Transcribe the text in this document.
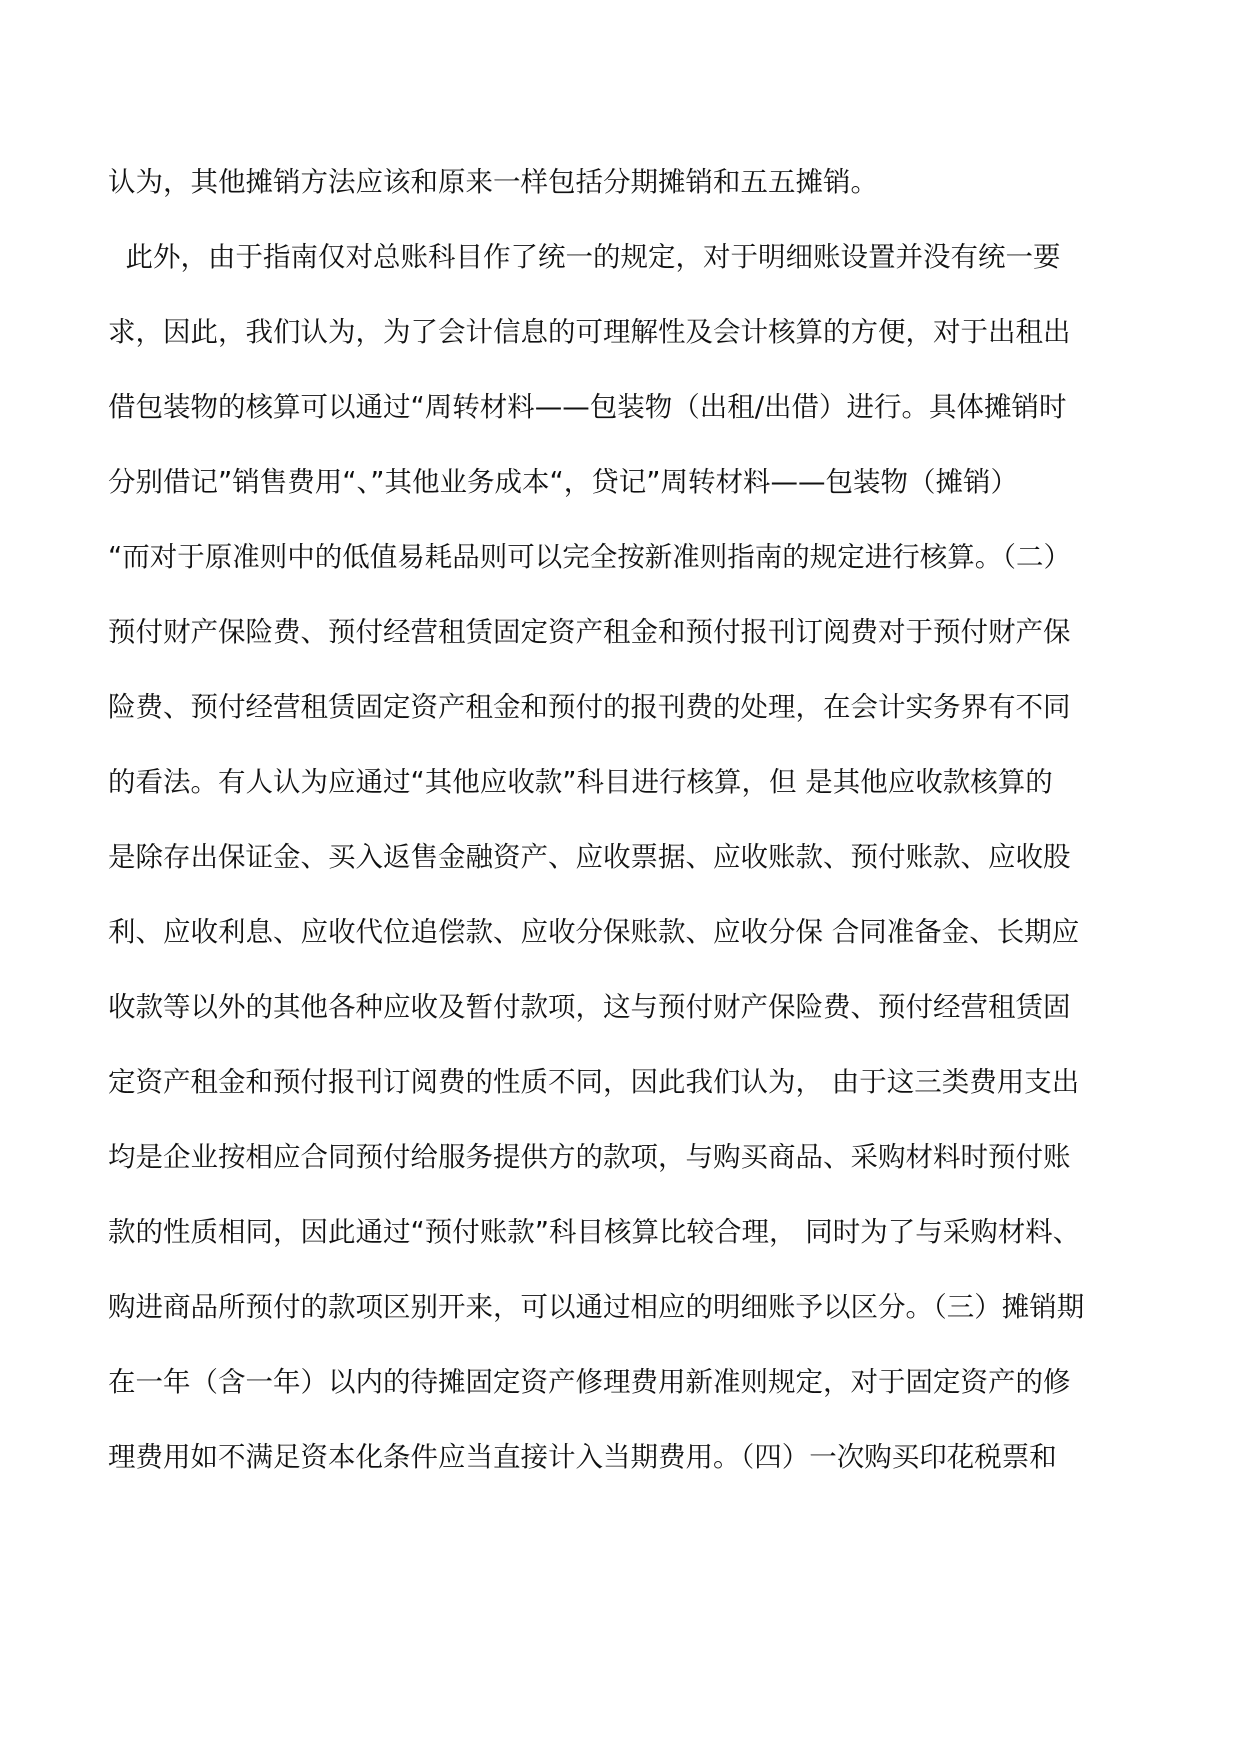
认为，其他摊销方法应该和原来一样包括分期摊销和五五摊销。
此外，由于指南仅对总账科目作了统一的规定，对于明细账设置并没有统一要
求，因此，我们认为，为了会计信息的可理解性及会计核算的方便，对于出租出
借包装物的核算可以通过“周转材料——包装物（出租/出借）进行。具体摊销时
分别借记”销售费用“、”其他业务成本“，贷记”周转材料——包装物（摊销）
“而对于原准则中的低值易耗品则可以完全按新准则指南的规定进行核算。（二）
预付财产保险费、预付经营租赁固定资产租金和预付报刊订阅费对于预付财产保
险费、预付经营租赁固定资产租金和预付的报刊费的处理，在会计实务界有不同
的看法。有人认为应通过“其他应收款”科目进行核算，但 是其他应收款核算的
是除存出保证金、买入返售金融资产、应收票据、应收账款、预付账款、应收股
利、应收利息、应收代位追偿款、应收分保账款、应收分保 合同准备金、长期应
收款等以外的其他各种应收及暂付款项，这与预付财产保险费、预付经营租赁固
定资产租金和预付报刊订阅费的性质不同，因此我们认为， 由于这三类费用支出
均是企业按相应合同预付给服务提供方的款项，与购买商品、采购材料时预付账
款的性质相同，因此通过“预付账款”科目核算比较合理， 同时为了与采购材料、
购进商品所预付的款项区别开来，可以通过相应的明细账予以区分。（三）摊销期
在一年（含一年）以内的待摊固定资产修理费用新准则规定，对于固定资产的修
理费用如不满足资本化条件应当直接计入当期费用。（四）一次购买印花税票和
